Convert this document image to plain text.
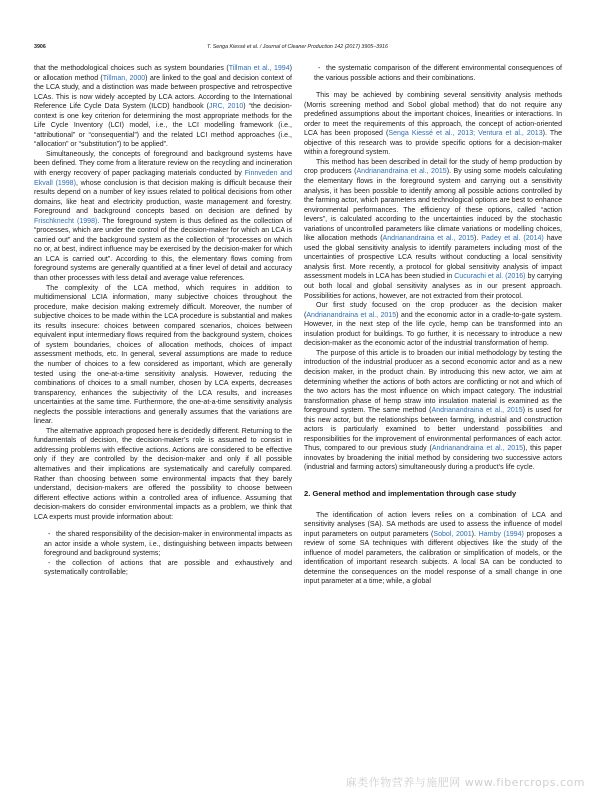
3906	T. Senga Kiessé et al. / Journal of Cleaner Production 142 (2017) 3905–3916

that the methodological choices such as system boundaries (Tillman et al., 1994) or allocation method (Tillman, 2000) are linked to the goal and decision context of the LCA study, and a distinction was made between prospective and retrospective LCAs. This is now widely accepted by LCA actors. According to the International Reference Life Cycle Data System (ILCD) handbook (JRC, 2010) “the decision-context is one key criterion for determining the most appropriate methods for the Life Cycle Inventory (LCI) model, i.e., the LCI modelling framework (i.e., “attributional” or “consequential”) and the related LCI method approaches (i.e., “allocation” or “substitution”) to be applied”.

Simultaneously, the concepts of foreground and background systems have been defined. They come from a literature review on the recycling and incineration with energy recovery of paper packaging materials conducted by Finnveden and Ekvall (1998), whose conclusion is that decision making is difficult because their results depend on a number of key issues related to political decisions from other domains, like heat and electricity production, waste management and forestry. Foreground and background concepts based on decision are defined by Frischknecht (1998). The foreground system is thus defined as the collection of “processes, which are under the control of the decision-maker for which an LCA is carried out” and the background system as the collection of “processes on which no or, at best, indirect influence may be exercised by the decision-maker for which an LCA is carried out”. According to this, the elementary flows coming from foreground systems are generally quantified at a finer level of detail and accuracy than other processes with less detail and average value references.

The complexity of the LCA method, which requires in addition to multidimensional LCIA information, many subjective choices throughout the procedure, make decision making extremely difficult. Moreover, the number of subjective choices to be made within the LCA procedure is substantial and makes its results insecure: choices between compared scenarios, choices between equivalent input intermediary flows required from the background system, choices of system boundaries, choices of allocation methods, choices of impact assessment methods, etc. In general, several assumptions are made to reduce the number of choices to a few considered as important, which are generally tested using the one-at-a-time sensitivity analysis. However, reducing the combinations of choices to a small number, chosen by LCA experts, decreases transparency, enhances the subjectivity of the LCA results, and increases uncertainties at the same time. Furthermore, the one-at-a-time sensitivity analysis neglects the possible interactions and generally assumes that the variations are linear.

The alternative approach proposed here is decidedly different. Returning to the fundamentals of decision, the decision-maker’s role is assumed to consist in addressing problems with effective actions. Actions are considered to be effective only if they are controlled by the decision-maker and only if all possible alternatives and their implications are systematically and carefully compared. Rather than choosing between some environmental impacts that they barely understand, decision-makers are offered the possibility to choose between different effective actions within a controlled area of influence. Assuming that decision-makers do consider environmental impacts as a problem, we think that LCA experts must provide information about:

- the shared responsibility of the decision-maker in environmental impacts as an actor inside a whole system, i.e., distinguishing between impacts between foreground and background systems;

- the collection of actions that are possible and exhaustively and systematically controllable;

- the systematic comparison of the different environmental consequences of the various possible actions and their combinations.

This may be achieved by combining several sensitivity analysis methods (Morris screening method and Sobol global method) that do not require any predefined assumptions about the important choices, linearities or interactions. In order to meet the requirements of this approach, the concept of action-oriented LCA has been proposed (Senga Kiessé et al., 2013; Ventura et al., 2013). The objective of this research was to provide specific options for a decision-maker within a foreground system.

This method has been described in detail for the study of hemp production by crop producers (Andrianandraina et al., 2015). By using some models calculating the elementary flows in the foreground system and carrying out a sensitivity analysis, it has been possible to identify among all possible actions controlled by the farming actor, which parameters and technological options are best to enhance environmental performances. The efficiency of these options, called “action levers”, is calculated according to the uncertainties induced by the stochastic variations of uncontrolled parameters like climate variations or modelling choices, like allocation methods (Andrianandraina et al., 2015). Padey et al. (2014) have used the global sensitivity analysis to identify parameters including most of the uncertainties of prospective LCA results without conducting a local sensitivity analysis first. More recently, a protocol for global sensitivity analysis of impact assessment models in LCA has been studied in Cucurachi et al. (2016) by carrying out both local and global sensitivity analyses as in our present approach. Possibilities for actions, however, are not extracted from their protocol.

Our first study focused on the crop producer as the decision maker (Andrianandraina et al., 2015) and the economic actor in a cradle-to-gate system. However, in the next step of the life cycle, hemp can be transformed into an insulation product for buildings. To go further, it is necessary to introduce a new decision-maker as the economic actor of the industrial transformation of hemp.

The purpose of this article is to broaden our initial methodology by testing the introduction of the industrial producer as a second economic actor and as a new decision maker, in the product chain. By introducing this new actor, we aim at determining whether the actions of both actors are conflicting or not and which of the two actors has the most influence on which impact category. The industrial transformation phase of hemp straw into insulation material is examined as the foreground system. The same method (Andrianandraina et al., 2015) is used for this new actor, but the relationships between farming, industrial and construction actors is particularly examined to better understand possibilities and responsibilities for the improvement of environmental performances of each actor. Thus, compared to our previous study (Andrianandraina et al., 2015), this paper innovates by broadening the initial method by considering two successive actors (industrial and farming actors) simultaneously during a product’s life cycle.

2. General method and implementation through case study

The identification of action levers relies on a combination of LCA and sensitivity analyses (SA). SA methods are used to assess the influence of model input parameters on output parameters (Sobol, 2001). Hamby (1994) proposes a review of some SA techniques with different objectives like the study of the influence of model parameters, the calibration or simplification of models, or the identification of important research subjects. A local SA can be conducted to determine the consequences on the model response of a small change in one input parameter at a time; while, a global

麻类作物营养与施肥网 www.fibercrops.com
